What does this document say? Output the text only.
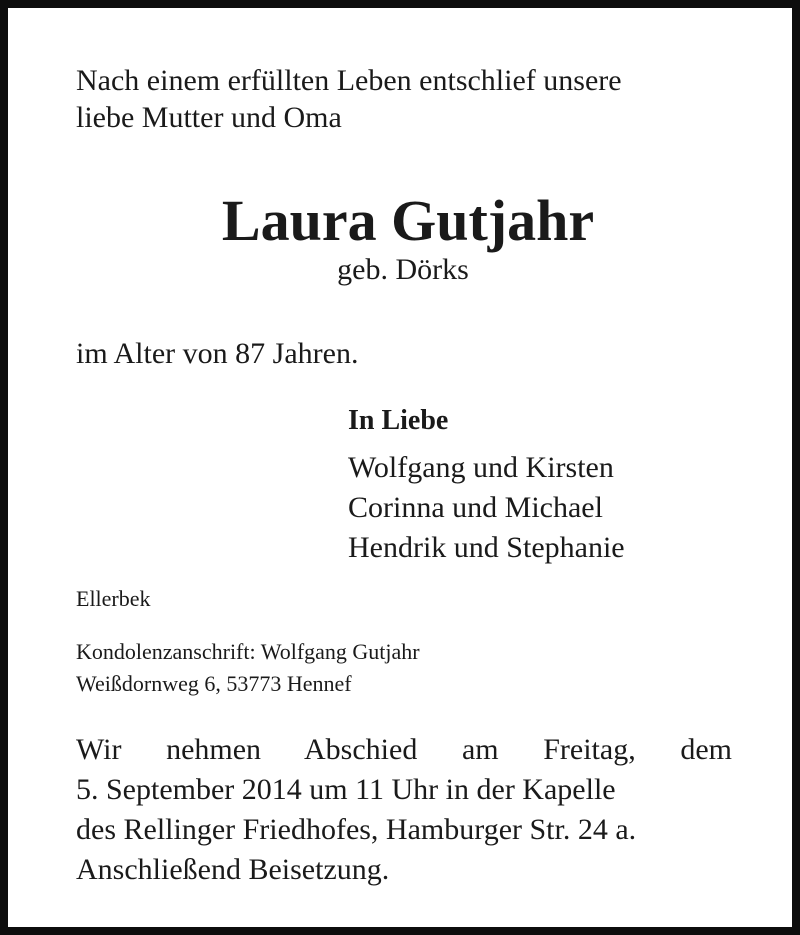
Nach einem erfüllten Leben entschlief unsere
liebe Mutter und Oma
Laura Gutjahr
geb. Dörks
im Alter von 87 Jahren.
In Liebe
Wolfgang und Kirsten
Corinna und Michael
Hendrik und Stephanie
Ellerbek
Kondolenzanschrift: Wolfgang Gutjahr
Weißdornweg 6, 53773 Hennef
Wir nehmen Abschied am Freitag, dem
5. September 2014 um 11 Uhr in der Kapelle
des Rellinger Friedhofes, Hamburger Str. 24 a.
Anschließend Beisetzung.
